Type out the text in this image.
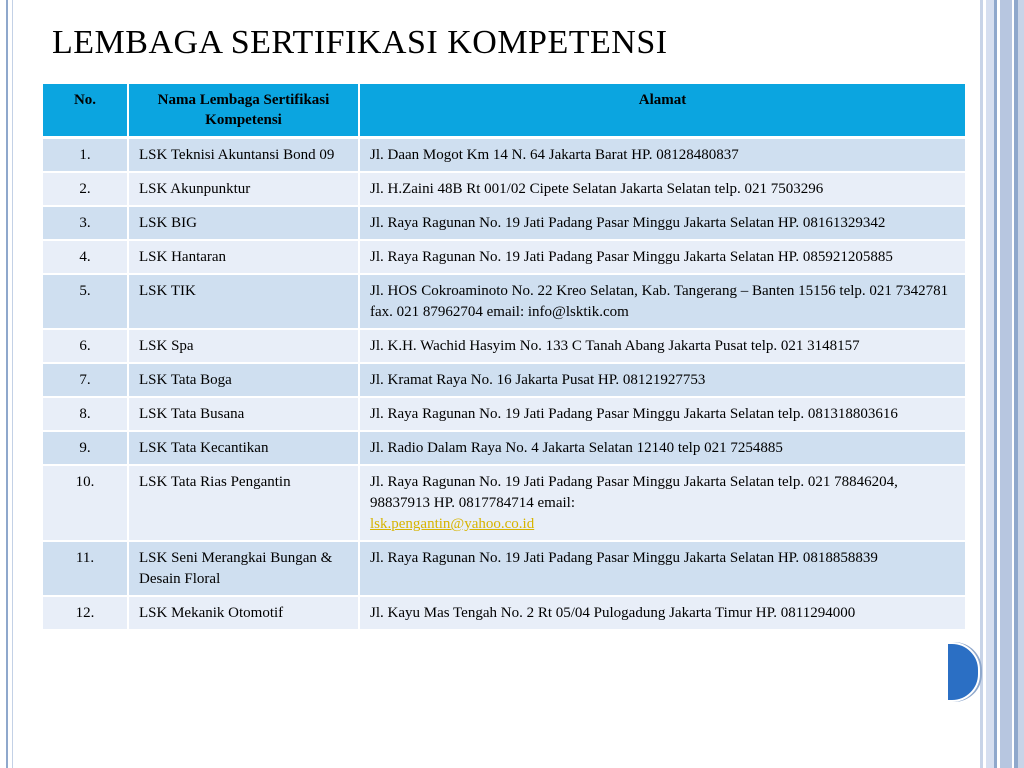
LEMBAGA SERTIFIKASI KOMPETENSI
No.	Nama Lembaga Sertifikasi Kompetensi	Alamat
1.	LSK Teknisi Akuntansi Bond 09	Jl. Daan Mogot Km 14 N. 64 Jakarta Barat HP. 08128480837
2.	LSK Akunpunktur	Jl. H.Zaini 48B Rt 001/02 Cipete Selatan Jakarta Selatan telp. 021 7503296
3.	LSK BIG	Jl. Raya Ragunan No. 19 Jati Padang Pasar Minggu Jakarta Selatan HP. 08161329342
4.	LSK Hantaran	Jl. Raya Ragunan No. 19 Jati Padang Pasar Minggu Jakarta Selatan HP. 085921205885
5.	LSK TIK	Jl. HOS Cokroaminoto No. 22 Kreo Selatan, Kab. Tangerang – Banten 15156 telp. 021 7342781 fax. 021 87962704 email: info@lsktik.com
6.	LSK Spa	Jl. K.H. Wachid Hasyim No. 133 C Tanah Abang Jakarta Pusat telp. 021 3148157
7.	LSK Tata Boga	Jl. Kramat Raya No. 16 Jakarta Pusat HP. 08121927753
8.	LSK Tata Busana	Jl. Raya Ragunan No. 19 Jati Padang Pasar Minggu Jakarta Selatan telp. 081318803616
9.	LSK Tata Kecantikan	Jl. Radio Dalam Raya No. 4 Jakarta Selatan 12140 telp 021 7254885
10.	LSK Tata Rias Pengantin	Jl. Raya Ragunan No. 19 Jati Padang Pasar Minggu Jakarta Selatan telp. 021 78846204, 98837913 HP. 0817784714 email:
lsk.pengantin@yahoo.co.id
11.	LSK Seni Merangkai Bungan & Desain Floral	Jl. Raya Ragunan No. 19 Jati Padang Pasar Minggu Jakarta Selatan HP. 0818858839
12.	LSK Mekanik Otomotif	Jl. Kayu Mas Tengah No. 2 Rt 05/04 Pulogadung Jakarta Timur HP. 0811294000
